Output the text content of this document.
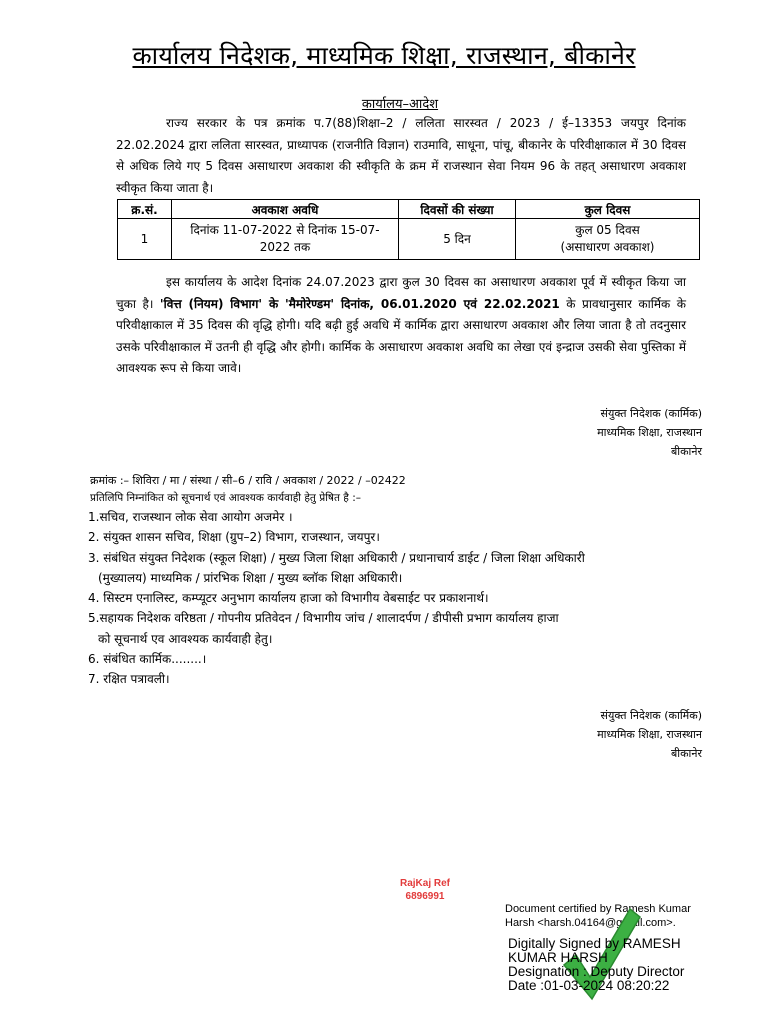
कार्यालय निदेशक, माध्यमिक शिक्षा, राजस्थान, बीकानेर
कार्यालय–आदेश
राज्य सरकार के पत्र क्रमांक प.7(88)शिक्षा–2 / ललिता सारस्वत / 2023 / ई–13353 जयपुर दिनांक 22.02.2024 द्वारा ललिता सारस्वत, प्राध्यापक (राजनीति विज्ञान) राउमावि, साधूना, पांचू, बीकानेर के परिवीक्षाकाल में 30 दिवस से अधिक लिये गए 5 दिवस असाधारण अवकाश की स्वीकृति के क्रम में राजस्थान सेवा नियम 96 के तहत् असाधारण अवकाश स्वीकृत किया जाता है।
क्र.सं.	अवकाश अवधि	दिवसों की संख्या	कुल दिवस
1	दिनांक 11-07-2022 से दिनांक 15-07-2022 तक	5 दिन	कुल 05 दिवस
(असाधारण अवकाश)
इस कार्यालय के आदेश दिनांक 24.07.2023 द्वारा कुल 30 दिवस का असाधारण अवकाश पूर्व में स्वीकृत किया जा चुका है। 'वित्त (नियम) विभाग' के 'मैमोरेण्डम' दिनांक, 06.01.2020 एवं 22.02.2021 के प्रावधानुसार कार्मिक के परिवीक्षाकाल में 35 दिवस की वृद्धि होगी। यदि बढ़ी हुई अवधि में कार्मिक द्वारा असाधारण अवकाश और लिया जाता है तो तदनुसार उसके परिवीक्षाकाल में उतनी ही वृद्धि और होगी। कार्मिक के असाधारण अवकाश अवधि का लेखा एवं इन्द्राज उसकी सेवा पुस्तिका में आवश्यक रूप से किया जावे।
संयुक्त निदेशक (कार्मिक)
माध्यमिक शिक्षा, राजस्थान
बीकानेर
क्रमांक :– शिविरा / मा / संस्था / सी–6 / रावि / अवकाश / 2022 / –02422
प्रतिलिपि निम्नांकित को सूचनार्थ एवं आवश्यक कार्यवाही हेतु प्रेषित है :–
1.सचिव, राजस्थान लोक सेवा आयोग अजमेर ।
2. संयुक्त शासन सचिव, शिक्षा (ग्रुप–2) विभाग, राजस्थान, जयपुर।
3. संबंधित संयुक्त निदेशक (स्कूल शिक्षा) / मुख्य जिला शिक्षा अधिकारी / प्रधानाचार्य डाईट / जिला शिक्षा अधिकारी
(मुख्यालय) माध्यमिक / प्रांरभिक शिक्षा / मुख्य ब्लॉक शिक्षा अधिकारी।
4. सिस्टम एनालिस्ट, कम्प्यूटर अनुभाग कार्यालय हाजा को विभागीय वेबसाईट पर प्रकाशनार्थ।
5.सहायक निदेशक वरिष्ठता / गोपनीय प्रतिवेदन / विभागीय जांच / शालादर्पण / डीपीसी प्रभाग कार्यालय हाजा
को सूचनार्थ एव आवश्यक कार्यवाही हेतु।
6. संबंधित कार्मिक........।
7. रक्षित पत्रावली।
संयुक्त निदेशक (कार्मिक)
माध्यमिक शिक्षा, राजस्थान
बीकानेर
RajKaj Ref
6896991
Document certified by Ramesh Kumar
Harsh <harsh.04164@gmail.com>.
Digitally Signed by RAMESH
KUMAR HARSH
Designation : Deputy Director
Date :01-03-2024 08:20:22
